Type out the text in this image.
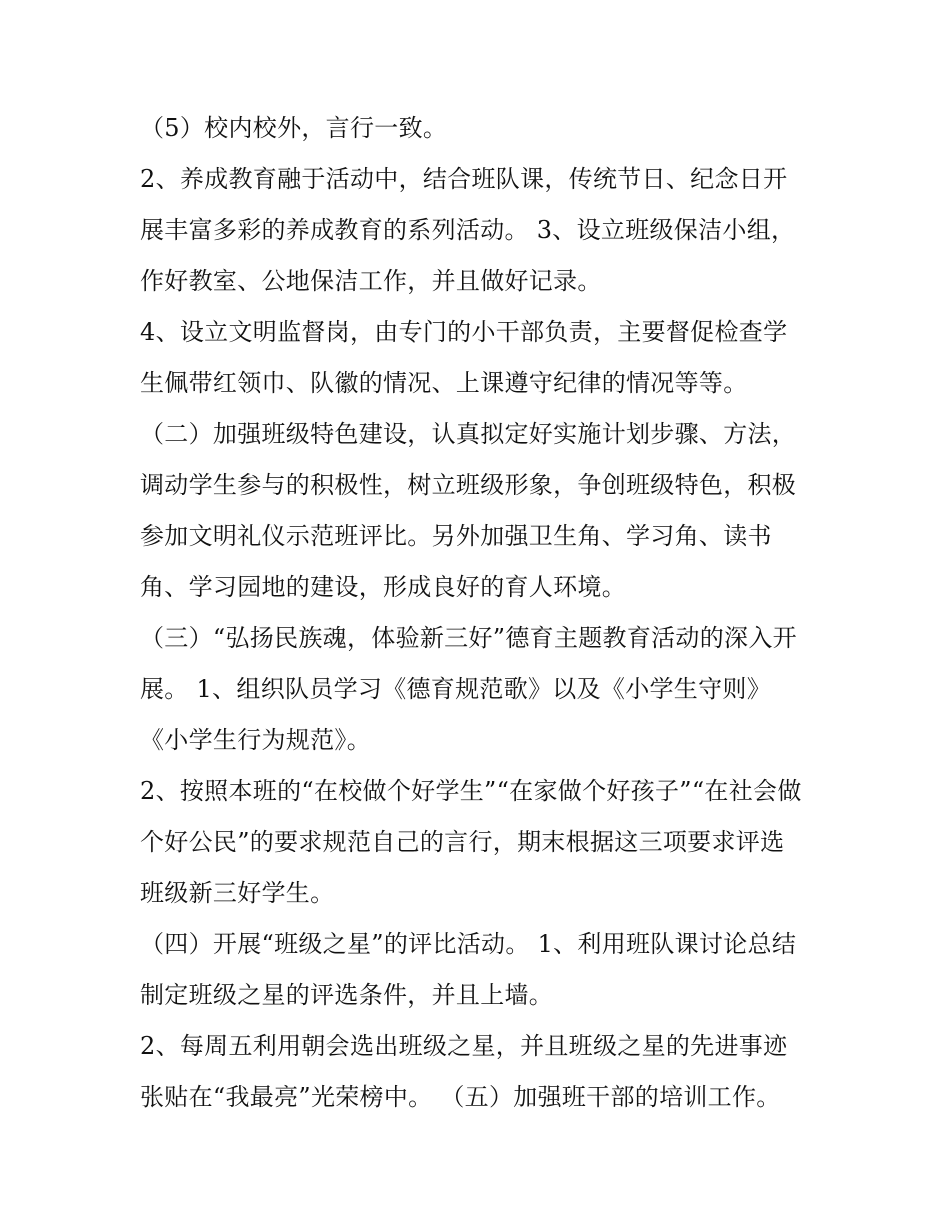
（5）校内校外，言行一致。
2、养成教育融于活动中，结合班队课，传统节日、纪念日开
展丰富多彩的养成教育的系列活动。 3、设立班级保洁小组，
作好教室、公地保洁工作，并且做好记录。
4、设立文明监督岗，由专门的小干部负责，主要督促检查学
生佩带红领巾、队徽的情况、上课遵守纪律的情况等等。
（二）加强班级特色建设，认真拟定好实施计划步骤、方法，
调动学生参与的积极性，树立班级形象，争创班级特色，积极
参加文明礼仪示范班评比。另外加强卫生角、学习角、读书
角、学习园地的建设，形成良好的育人环境。
（三）“弘扬民族魂，体验新三好”德育主题教育活动的深入开
展。 1、组织队员学习《德育规范歌》以及《小学生守则》
《小学生行为规范》。
2、按照本班的“在校做个好学生”“在家做个好孩子”“在社会做
个好公民”的要求规范自己的言行，期末根据这三项要求评选
班级新三好学生。
（四）开展“班级之星”的评比活动。 1、利用班队课讨论总结
制定班级之星的评选条件，并且上墙。
2、每周五利用朝会选出班级之星，并且班级之星的先进事迹
张贴在“我最亮”光荣榜中。 （五）加强班干部的培训工作。
